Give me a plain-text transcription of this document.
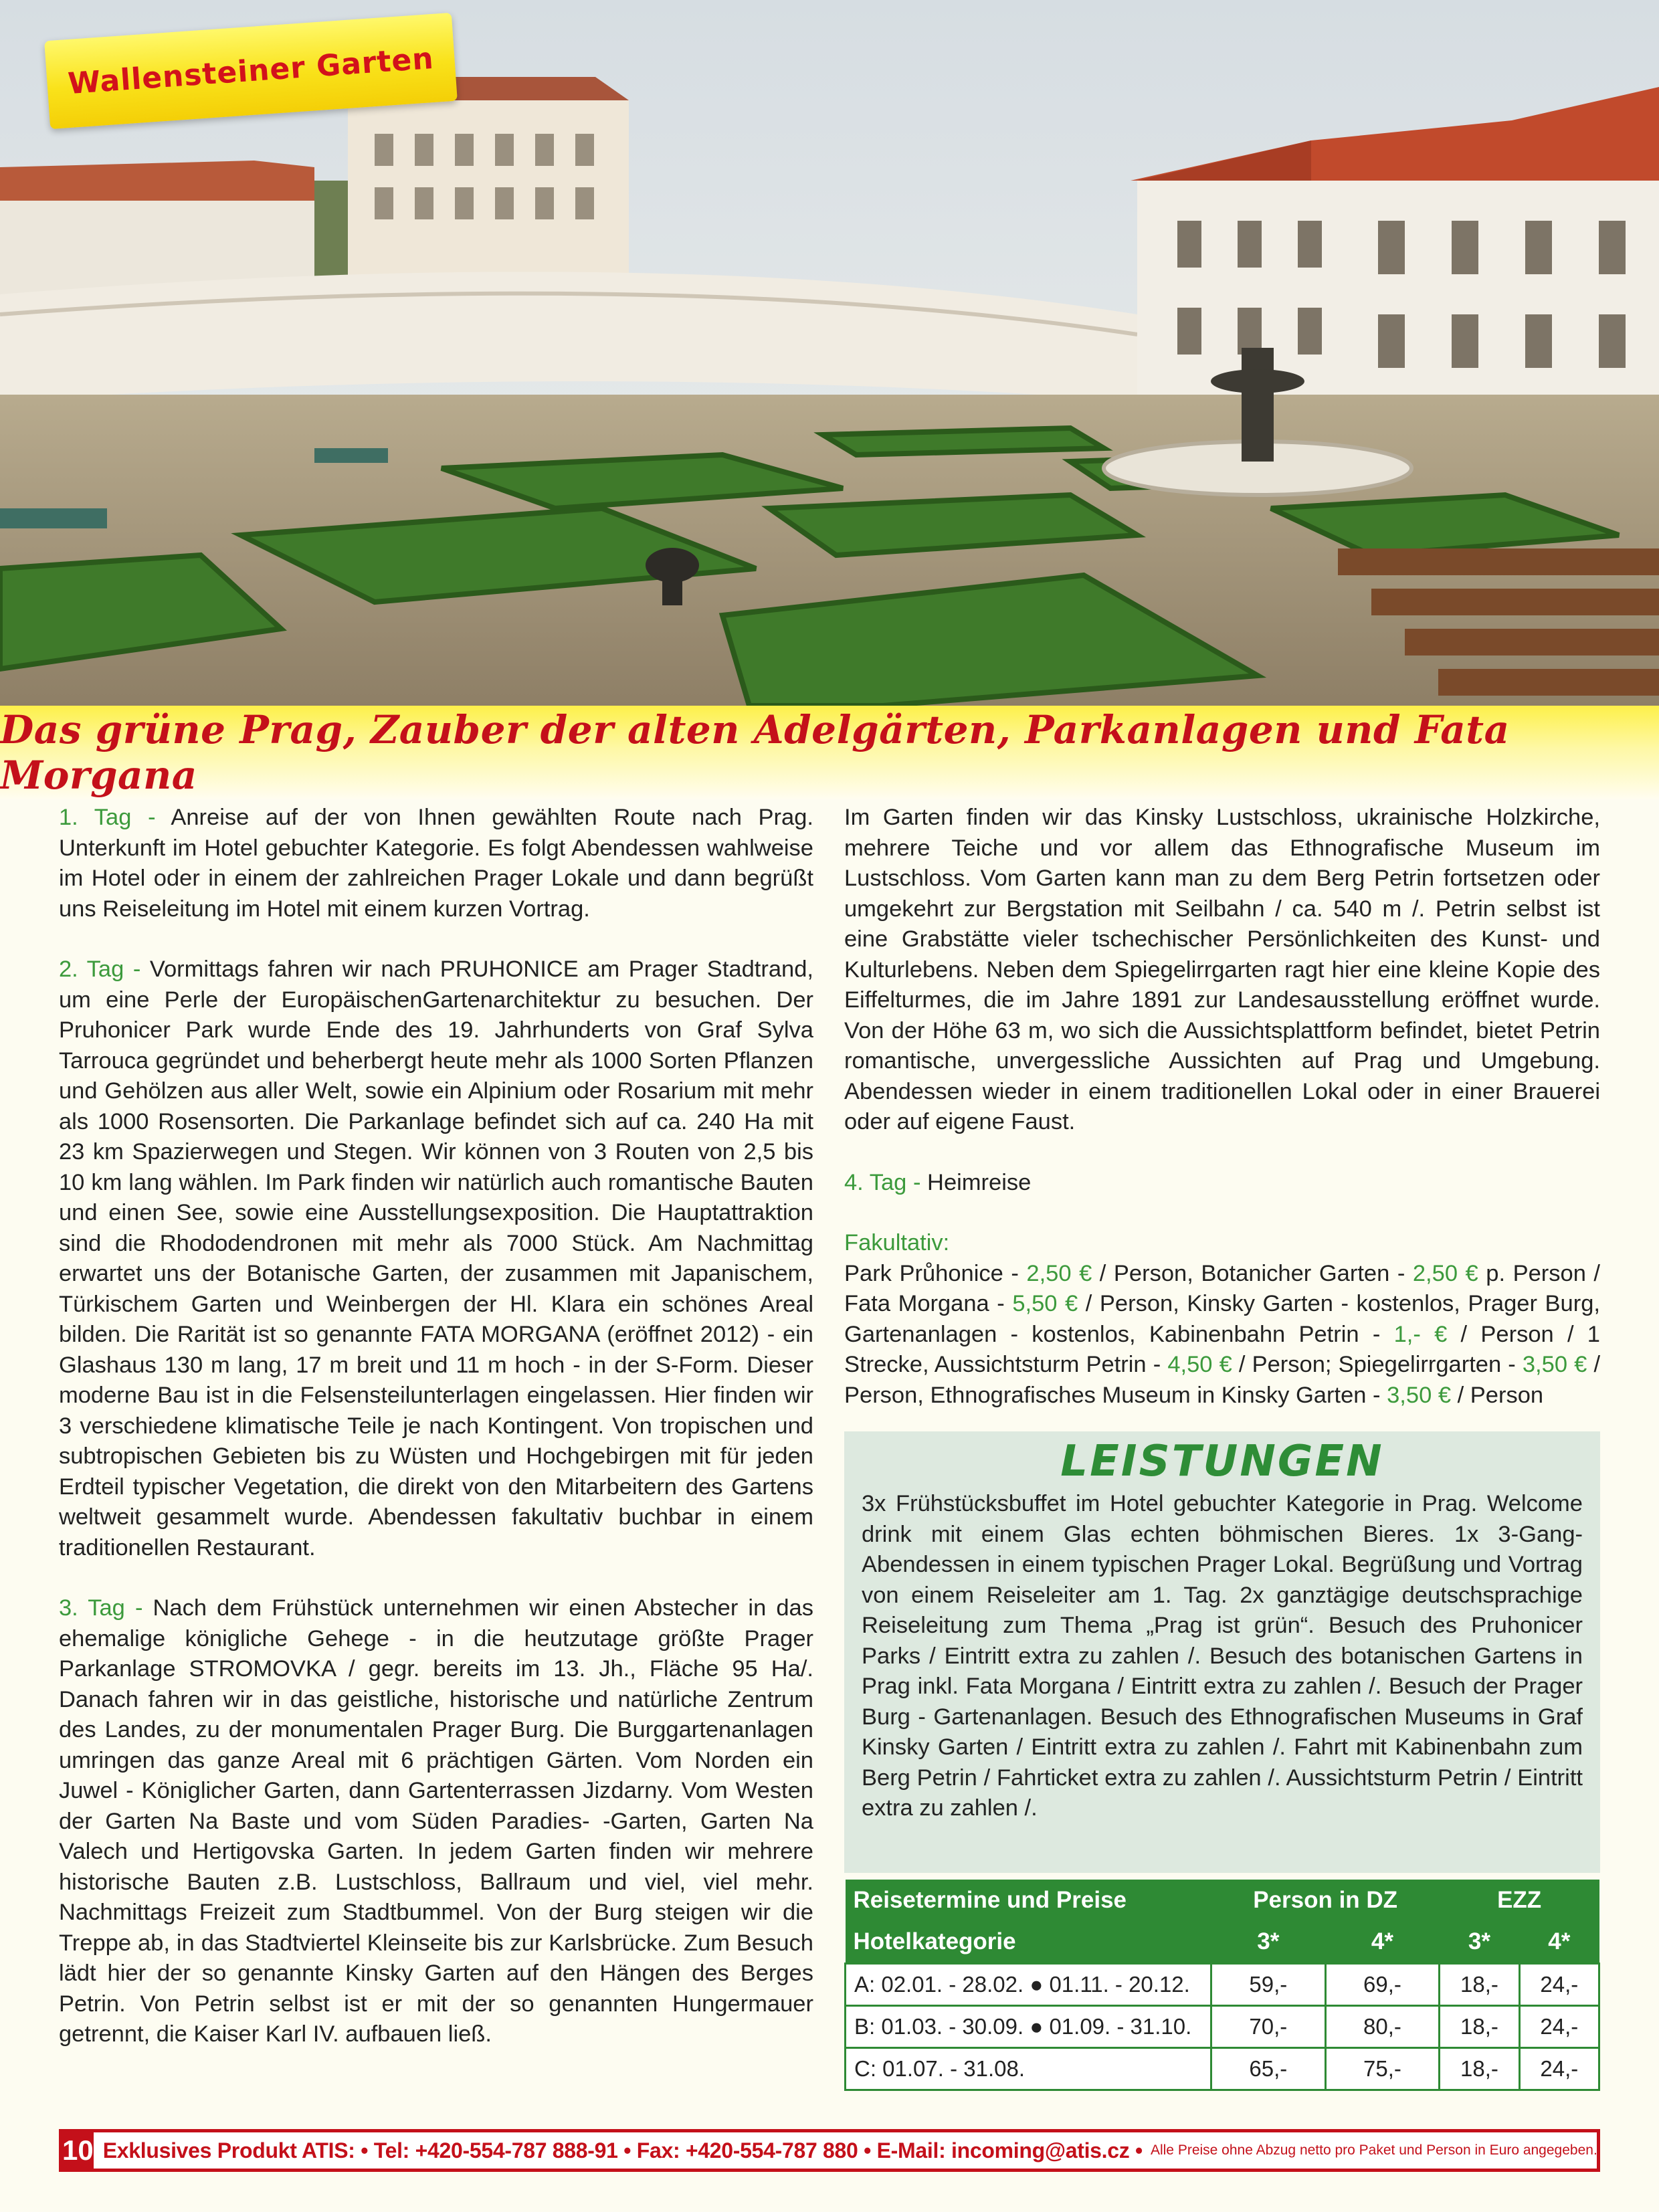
Wallensteiner Garten
Das grüne Prag, Zauber der alten Adelgärten, Parkanlagen und Fata Morgana

1. Tag - Anreise auf der von Ihnen gewählten Route nach Prag. Unterkunft im Hotel gebuchter Kategorie. Es folgt Abendessen wahlweise im Hotel oder in einem der zahlreichen Prager Lokale und dann begrüßt uns Reiseleitung im Hotel mit einem kurzen Vortrag.

2. Tag - Vormittags fahren wir nach PRUHONICE am Prager Stadtrand, um eine Perle der EuropäischenGartenarchitektur zu besuchen. Der Pruhonicer Park wurde Ende des 19. Jahrhunderts von Graf Sylva Tarrouca gegründet und beherbergt heute mehr als 1000 Sorten Pflanzen und Gehölzen aus aller Welt, sowie ein Alpinium oder Rosarium mit mehr als 1000 Rosensorten. Die Parkanlage befindet sich auf ca. 240 Ha mit 23 km Spazierwegen und Stegen. Wir können von 3 Routen von 2,5 bis 10 km lang wählen. Im Park finden wir natürlich auch romantische Bauten und einen See, sowie eine Ausstellungsexposition. Die Hauptattraktion sind die Rhododendronen mit mehr als 7000 Stück. Am Nachmittag erwartet uns der Botanische Garten, der zusammen mit Japanischem, Türkischem Garten und Weinbergen der Hl. Klara ein schönes Areal bilden. Die Rarität ist so genannte FATA MORGANA (eröffnet 2012) - ein Glashaus 130 m lang, 17 m breit und 11 m hoch - in der S-Form. Dieser moderne Bau ist in die Felsensteilunterlagen eingelassen. Hier finden wir 3 verschiedene klimatische Teile je nach Kontingent. Von tropischen und subtropischen Gebieten bis zu Wüsten und Hochgebirgen mit für jeden Erdteil typischer Vegetation, die direkt von den Mitarbeitern des Gartens weltweit gesammelt wurde. Abendessen fakultativ buchbar in einem traditionellen Restaurant.

3. Tag - Nach dem Frühstück unternehmen wir einen Abstecher in das ehemalige königliche Gehege - in die heutzutage größte Prager Parkanlage STROMOVKA / gegr. bereits im 13. Jh., Fläche 95 Ha/. Danach fahren wir in das geistliche, historische und natürliche Zentrum des Landes, zu der monumentalen Prager Burg. Die Burggartenanlagen umringen das ganze Areal mit 6 prächtigen Gärten. Vom Norden ein Juwel - Königlicher Garten, dann Gartenterrassen Jizdarny. Vom Westen der Garten Na Baste und vom Süden Paradies- -Garten, Garten Na Valech und Hertigovska Garten. In jedem Garten finden wir mehrere historische Bauten z.B. Lustschloss, Ballraum und viel, viel mehr. Nachmittags Freizeit zum Stadtbummel. Von der Burg steigen wir die Treppe ab, in das Stadtviertel Kleinseite bis zur Karlsbrücke. Zum Besuch lädt hier der so genannte Kinsky Garten auf den Hängen des Berges Petrin. Von Petrin selbst ist er mit der so genannten Hungermauer getrennt, die Kaiser Karl IV. aufbauen ließ.

Im Garten finden wir das Kinsky Lustschloss, ukrainische Holzkirche, mehrere Teiche und vor allem das Ethnografische Museum im Lustschloss. Vom Garten kann man zu dem Berg Petrin fortsetzen oder umgekehrt zur Bergstation mit Seilbahn / ca. 540 m /. Petrin selbst ist eine Grabstätte vieler tschechischer Persönlichkeiten des Kunst- und Kulturlebens. Neben dem Spiegelirrgarten ragt hier eine kleine Kopie des Eiffelturmes, die im Jahre 1891 zur Landesausstellung eröffnet wurde. Von der Höhe 63 m, wo sich die Aussichtsplattform befindet, bietet Petrin romantische, unvergessliche Aussichten auf Prag und Umgebung. Abendessen wieder in einem traditionellen Lokal oder in einer Brauerei oder auf eigene Faust.

4. Tag - Heimreise

Fakultativ:
Park Průhonice - 2,50 € / Person, Botanicher Garten - 2,50 € p. Person / Fata Morgana - 5,50 € / Person, Kinsky Garten - kostenlos, Prager Burg, Gartenanlagen - kostenlos, Kabinenbahn Petrin - 1,- € / Person / 1 Strecke, Aussichtsturm Petrin - 4,50 € / Person; Spiegelirrgarten - 3,50 € / Person, Ethnografisches Museum in Kinsky Garten - 3,50 € / Person

LEISTUNGEN
3x Frühstücksbuffet im Hotel gebuchter Kategorie in Prag. Welcome drink mit einem Glas echten böhmischen Bieres. 1x 3-Gang-Abendessen in einem typischen Prager Lokal. Begrüßung und Vortrag von einem Reiseleiter am 1. Tag. 2x ganztägige deutschsprachige Reiseleitung zum Thema „Prag ist grün“. Besuch des Pruhonicer Parks / Eintritt extra zu zahlen /. Besuch des botanischen Gartens in Prag inkl. Fata Morgana / Eintritt extra zu zahlen /. Besuch der Prager Burg - Gartenanlagen. Besuch des Ethnografischen Museums in Graf Kinsky Garten / Eintritt extra zu zahlen /. Fahrt mit Kabinenbahn zum Berg Petrin / Fahrticket extra zu zahlen /. Aussichtsturm Petrin / Eintritt extra zu zahlen /.
Reisetermine und Preise	Person in DZ		EZZ	
Hotelkategorie	3*	4*	3*	4*
A: 02.01. - 28.02. ● 01.11. - 20.12.	59,-	69,-	18,-	24,-
B: 01.03. - 30.09. ● 01.09. - 31.10.	70,-	80,-	18,-	24,-
C: 01.07. - 31.08.	65,-	75,-	18,-	24,-
10 Exklusives Produkt ATIS: • Tel: +420-554-787 888-91 • Fax: +420-554-787 880 • E-Mail: incoming@atis.cz • Alle Preise ohne Abzug netto pro Paket und Person in Euro angegeben.
